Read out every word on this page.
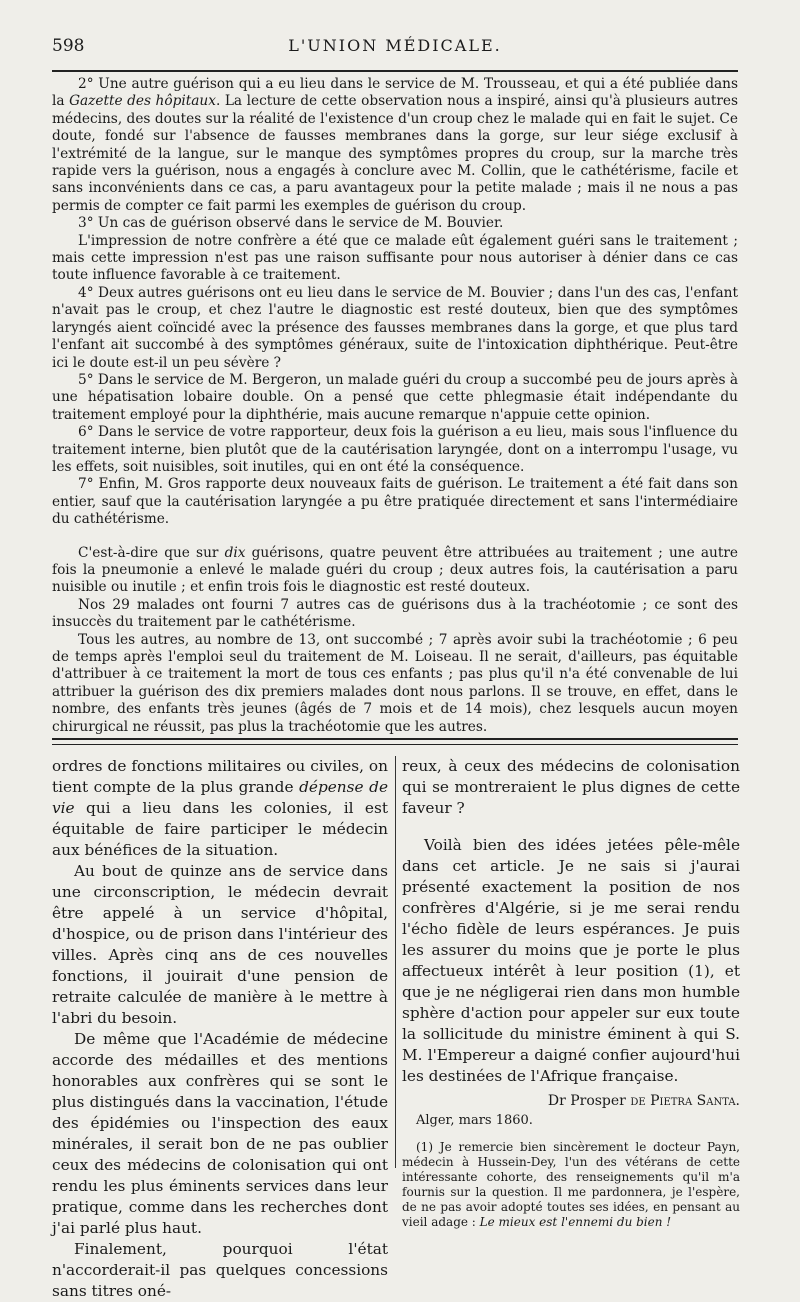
598	L'UNION MÉDICALE.

2° Une autre guérison qui a eu lieu dans le service de M. Trousseau, et qui a été publiée dans la Gazette des hôpitaux. La lecture de cette observation nous a inspiré, ainsi qu'à plusieurs autres médecins, des doutes sur la réalité de l'existence d'un croup chez le malade qui en fait le sujet. Ce doute, fondé sur l'absence de fausses membranes dans la gorge, sur leur siége exclusif à l'extrémité de la langue, sur le manque des symptômes propres du croup, sur la marche très rapide vers la guérison, nous a engagés à conclure avec M. Collin, que le cathétérisme, facile et sans inconvénients dans ce cas, a paru avantageux pour la petite malade ; mais il ne nous a pas permis de compter ce fait parmi les exemples de guérison du croup.

3° Un cas de guérison observé dans le service de M. Bouvier.

L'impression de notre confrère a été que ce malade eût également guéri sans le traitement ; mais cette impression n'est pas une raison suffisante pour nous autoriser à dénier dans ce cas toute influence favorable à ce traitement.

4° Deux autres guérisons ont eu lieu dans le service de M. Bouvier ; dans l'un des cas, l'enfant n'avait pas le croup, et chez l'autre le diagnostic est resté douteux, bien que des symptômes laryngés aient coïncidé avec la présence des fausses membranes dans la gorge, et que plus tard l'enfant ait succombé à des symptômes généraux, suite de l'intoxication diphthérique. Peut-être ici le doute est-il un peu sévère ?

5° Dans le service de M. Bergeron, un malade guéri du croup a succombé peu de jours après à une hépatisation lobaire double. On a pensé que cette phlegmasie était indépendante du traitement employé pour la diphthérie, mais aucune remarque n'appuie cette opinion.

6° Dans le service de votre rapporteur, deux fois la guérison a eu lieu, mais sous l'influence du traitement interne, bien plutôt que de la cautérisation laryngée, dont on a interrompu l'usage, vu les effets, soit nuisibles, soit inutiles, qui en ont été la conséquence.

7° Enfin, M. Gros rapporte deux nouveaux faits de guérison. Le traitement a été fait dans son entier, sauf que la cautérisation laryngée a pu être pratiquée directement et sans l'intermédiaire du cathétérisme.

C'est-à-dire que sur dix guérisons, quatre peuvent être attribuées au traitement ; une autre fois la pneumonie a enlevé le malade guéri du croup ; deux autres fois, la cautérisation a paru nuisible ou inutile ; et enfin trois fois le diagnostic est resté douteux.

Nos 29 malades ont fourni 7 autres cas de guérisons dus à la trachéotomie ; ce sont des insuccès du traitement par le cathétérisme.

Tous les autres, au nombre de 13, ont succombé ; 7 après avoir subi la trachéotomie ; 6 peu de temps après l'emploi seul du traitement de M. Loiseau. Il ne serait, d'ailleurs, pas équitable d'attribuer à ce traitement la mort de tous ces enfants ; pas plus qu'il n'a été convenable de lui attribuer la guérison des dix premiers malades dont nous parlons. Il se trouve, en effet, dans le nombre, des enfants très jeunes (âgés de 7 mois et de 14 mois), chez lesquels aucun moyen chirurgical ne réussit, pas plus la trachéotomie que les autres.

ordres de fonctions militaires ou civiles, on tient compte de la plus grande dépense de vie qui a lieu dans les colonies, il est équitable de faire participer le médecin aux bénéfices de la situation.

Au bout de quinze ans de service dans une circonscription, le médecin devrait être appelé à un service d'hôpital, d'hospice, ou de prison dans l'intérieur des villes. Après cinq ans de ces nouvelles fonctions, il jouirait d'une pension de retraite calculée de manière à le mettre à l'abri du besoin.

De même que l'Académie de médecine accorde des médailles et des mentions honorables aux confrères qui se sont le plus distingués dans la vaccination, l'étude des épidémies ou l'inspection des eaux minérales, il serait bon de ne pas oublier ceux des médecins de colonisation qui ont rendu les plus éminents services dans leur pratique, comme dans les recherches dont j'ai parlé plus haut.

Finalement, pourquoi l'état n'accorderait-il pas quelques concessions sans titres oné-

reux, à ceux des médecins de colonisation qui se montreraient le plus dignes de cette faveur ?

Voilà bien des idées jetées pêle-mêle dans cet article. Je ne sais si j'aurai présenté exactement la position de nos confrères d'Algérie, si je me serai rendu l'écho fidèle de leurs espérances. Je puis les assurer du moins que je porte le plus affectueux intérêt à leur position (1), et que je ne négligerai rien dans mon humble sphère d'action pour appeler sur eux toute la sollicitude du ministre éminent à qui S. M. l'Empereur a daigné confier aujourd'hui les destinées de l'Afrique française.

Dr Prosper de Pietra Santa.
Alger, mars 1860.

(1) Je remercie bien sincèrement le docteur Payn, médecin à Hussein-Dey, l'un des vétérans de cette intéressante cohorte, des renseignements qu'il m'a fournis sur la question. Il me pardonnera, je l'espère, de ne pas avoir adopté toutes ses idées, en pensant au vieil adage : Le mieux est l'ennemi du bien !
